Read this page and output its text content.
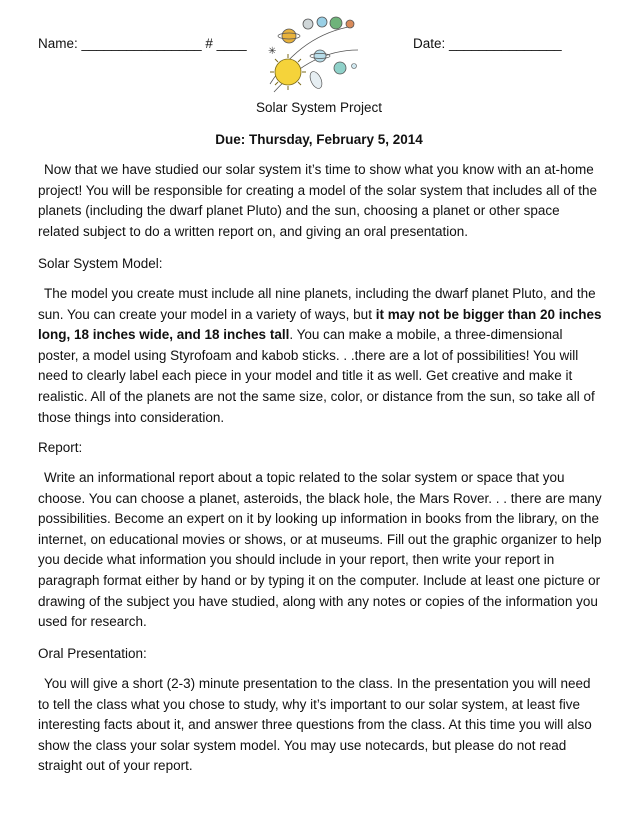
Name: ________________ # ____	Date: _______________
✳
Solar System Project
Due: Thursday, February 5, 2014

Now that we have studied our solar system it’s time to show what you know with an at-home project! You will be responsible for creating a model of the solar system that includes all of the planets (including the dwarf planet Pluto) and the sun, choosing a planet or other space related subject to do a written report on, and giving an oral presentation.

Solar System Model:

The model you create must include all nine planets, including the dwarf planet Pluto, and the sun. You can create your model in a variety of ways, but it may not be bigger than 20 inches long, 18 inches wide, and 18 inches tall. You can make a mobile, a three-dimensional poster, a model using Styrofoam and kabob sticks. . .there are a lot of possibilities! You will need to clearly label each piece in your model and title it as well. Get creative and make it realistic. All of the planets are not the same size, color, or distance from the sun, so take all of those things into consideration.

Report:

Write an informational report about a topic related to the solar system or space that you choose. You can choose a planet, asteroids, the black hole, the Mars Rover. . . there are many possibilities. Become an expert on it by looking up information in books from the library, on the internet, on educational movies or shows, or at museums. Fill out the graphic organizer to help you decide what information you should include in your report, then write your report in paragraph format either by hand or by typing it on the computer. Include at least one picture or drawing of the subject you have studied, along with any notes or copies of the information you used for research.

Oral Presentation:

You will give a short (2-3) minute presentation to the class. In the presentation you will need to tell the class what you chose to study, why it’s important to our solar system, at least five interesting facts about it, and answer three questions from the class. At this time you will also show the class your solar system model. You may use notecards, but please do not read straight out of your report.
